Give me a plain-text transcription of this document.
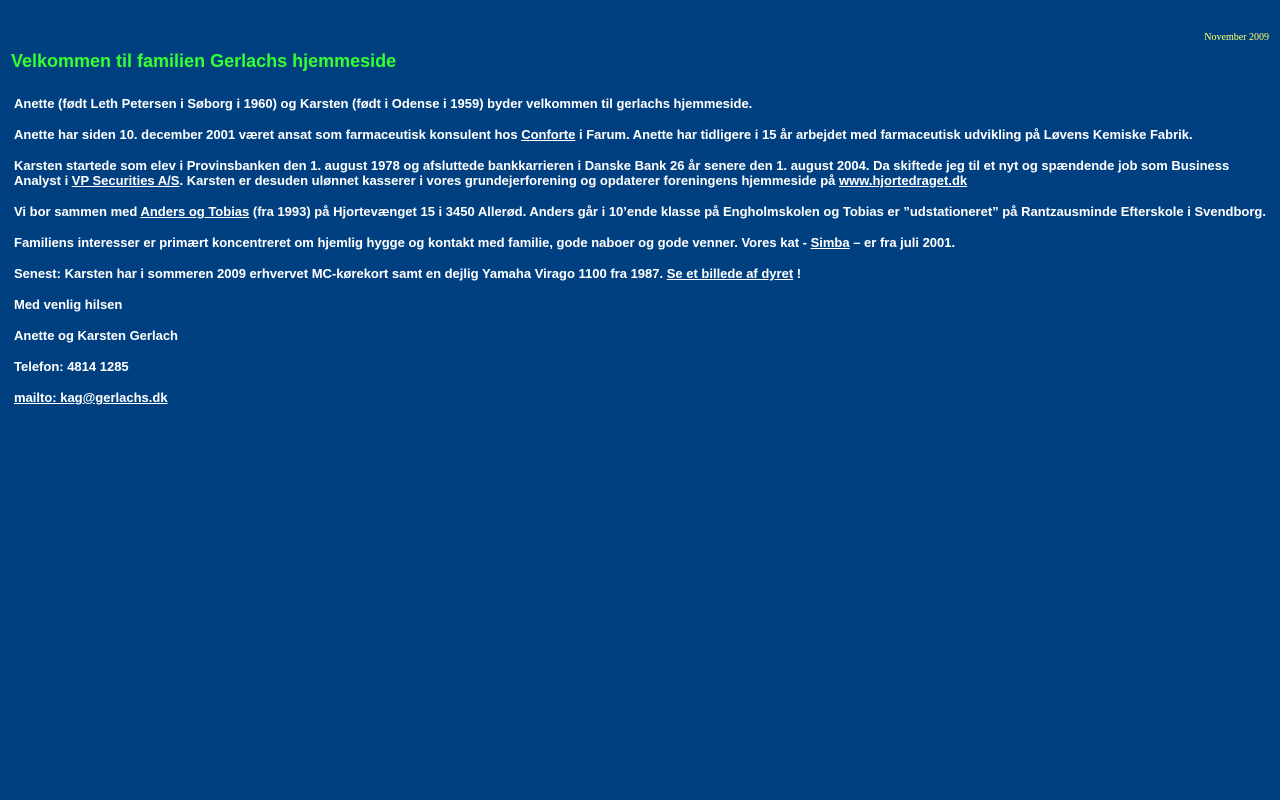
November 2009
Velkommen til familien Gerlachs hjemmeside

Anette (født Leth Petersen i Søborg i 1960) og Karsten (født i Odense i 1959) byder velkommen til gerlachs hjemmeside.

Anette har siden 10. december 2001 været ansat som farmaceutisk konsulent hos Conforte i Farum. Anette har tidligere i 15 år arbejdet med farmaceutisk udvikling på Løvens Kemiske Fabrik.

Karsten startede som elev i Provinsbanken den 1. august 1978 og afsluttede bankkarrieren i Danske Bank 26 år senere den 1. august 2004. Da skiftede jeg til et nyt og spændende job som Business Analyst i VP Securities A/S. Karsten er desuden ulønnet kasserer i vores grundejerforening og opdaterer foreningens hjemmeside på www.hjortedraget.dk

Vi bor sammen med Anders og Tobias (fra 1993) på Hjortevænget 15 i 3450 Allerød. Anders går i 10’ende klasse på Engholmskolen og Tobias er ”udstationeret” på Rantzausminde Efterskole i Svendborg.

Familiens interesser er primært koncentreret om hjemlig hygge og kontakt med familie, gode naboer og gode venner. Vores kat - Simba – er fra juli 2001.

Senest: Karsten har i sommeren 2009 erhvervet MC-kørekort samt en dejlig Yamaha Virago 1100 fra 1987. Se et billede af dyret !

Med venlig hilsen

Anette og Karsten Gerlach

Telefon: 4814 1285

mailto: kag@gerlachs.dk
